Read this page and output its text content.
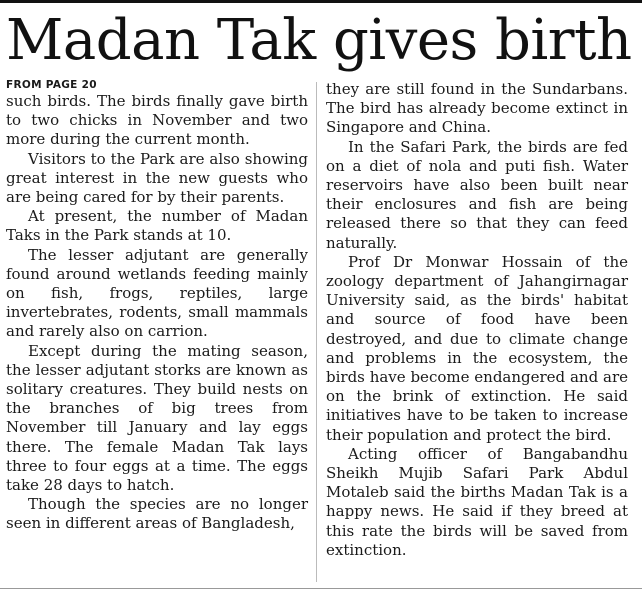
Madan Tak gives birth
FROM PAGE 20

such birds. The birds finally gave birth to two chicks in November and two more during the current month.

Visitors to the Park are also showing great interest in the new guests who are being cared for by their parents.

At present, the number of Madan Taks in the Park stands at 10.

The lesser adjutant are generally found around wetlands feeding mainly on fish, frogs, reptiles, large invertebrates, rodents, small mammals and rarely also on carrion.

Except during the mating season, the lesser adjutant storks are known as solitary creatures. They build nests on the branches of big trees from November till January and lay eggs there. The female Madan Tak lays three to four eggs at a time. The eggs take 28 days to hatch.

Though the species are no longer seen in different areas of Bangladesh,

they are still found in the Sundarbans. The bird has already become extinct in Singapore and China.

In the Safari Park, the birds are fed on a diet of nola and puti fish. Water reservoirs have also been built near their enclosures and fish are being released there so that they can feed naturally.

Prof Dr Monwar Hossain of the zoology department of Jahangirnagar University said, as the birds' habitat and source of food have been destroyed, and due to climate change and problems in the ecosystem, the birds have become endangered and are on the brink of extinction. He said initiatives have to be taken to increase their population and protect the bird.

Acting officer of Bangabandhu Sheikh Mujib Safari Park Abdul Motaleb said the births Madan Tak is a happy news. He said if they breed at this rate the birds will be saved from extinction.
